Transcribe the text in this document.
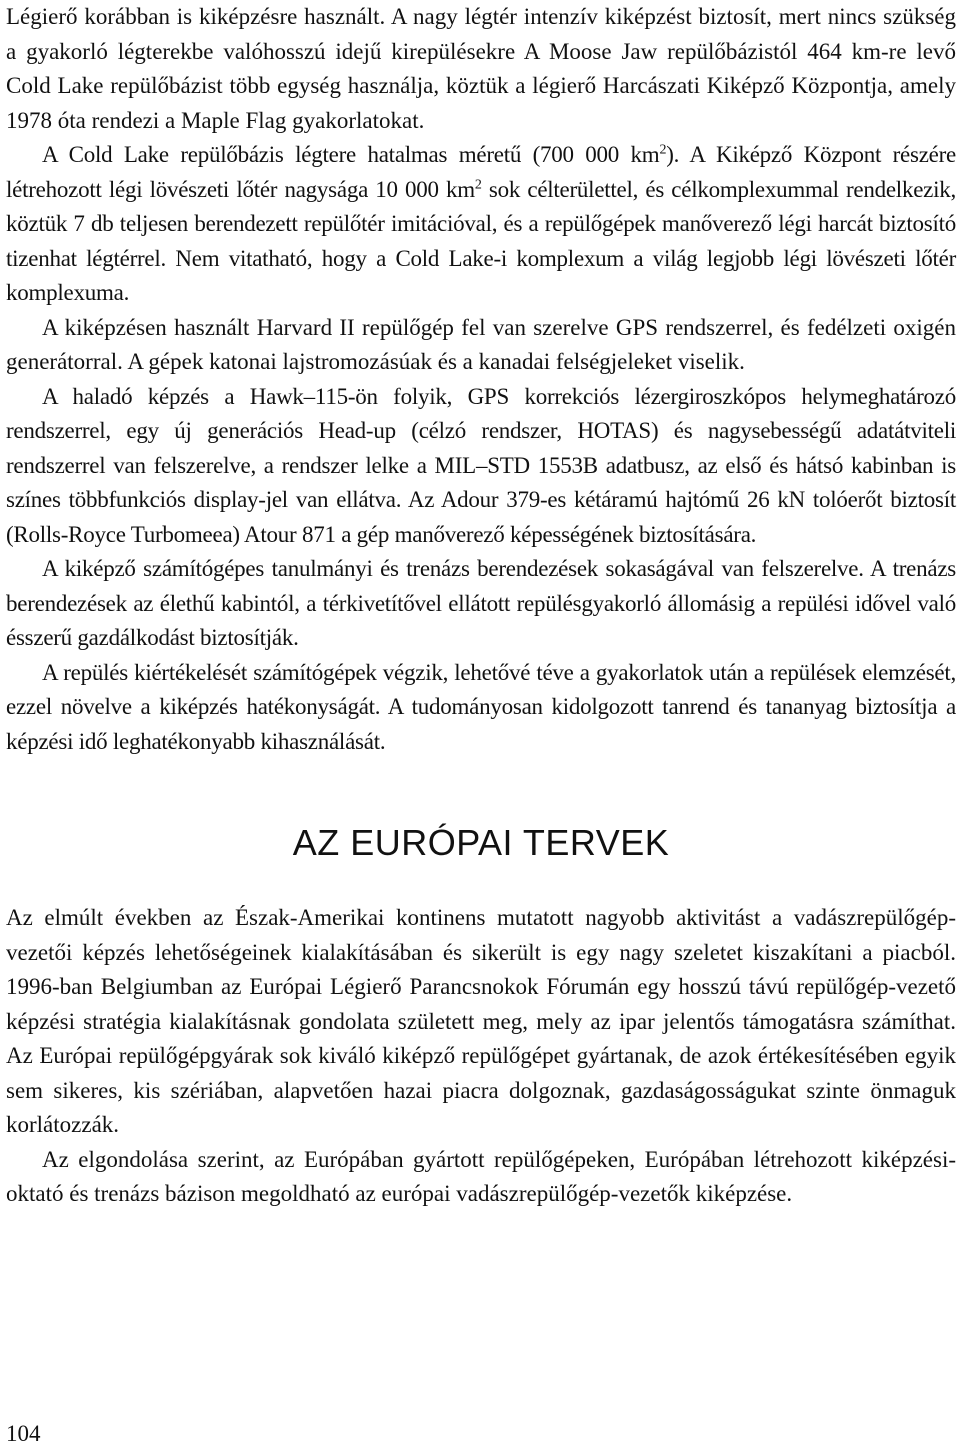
Légierő korábban is kiképzésre használt. A nagy légtér intenzív kiképzést biztosít, mert nincs szükség a gyakorló légterekbe valóhosszú idejű kirepülésekre A Moose Jaw repülőbázistól 464 km-re levő Cold Lake repülőbázist több egység használja, köztük a légierő Harcászati Kiképző Központja, amely 1978 óta rendezi a Maple Flag gyakorlatokat.

A Cold Lake repülőbázis légtere hatalmas méretű (700 000 $km^2$). A Kiképző Központ részére létrehozott légi lövészeti lőtér nagysága 10 000 $km^2$ sok célterülettel, és célkomplexummal rendelkezik, köztük 7 db teljesen berendezett repülőtér imitációval, és a repülőgépek manőverező légi harcát biztosító tizenhat légtérrel. Nem vitatható, hogy a Cold Lake-i komplexum a világ legjobb légi lövészeti lőtér komplexuma.

A kiképzésen használt Harvard II repülőgép fel van szerelve GPS rendszerrel, és fedélzeti oxigén generátorral. A gépek katonai lajstromozásúak és a kanadai felségjeleket viselik.

A haladó képzés a Hawk–115-ön folyik, GPS korrekciós lézergiroszkópos helymeghatározó rendszerrel, egy új generációs Head-up (célzó rendszer, HOTAS) és nagysebességű adatátviteli rendszerrel van felszerelve, a rendszer lelke a MIL–STD 1553B adatbusz, az első és hátsó kabinban is színes többfunkciós display-jel van ellátva. Az Adour 379-es kétáramú hajtómű 26 kN tolóerőt biztosít (Rolls-Royce Turbomeea) Atour 871 a gép manőverező képességének biztosítására.

A kiképző számítógépes tanulmányi és trenázs berendezések sokaságával van felszerelve. A trenázs berendezések az élethű kabintól, a térkivetítővel ellátott repülésgyakorló állomásig a repülési idővel való ésszerű gazdálkodást biztosítják.

A repülés kiértékelését számítógépek végzik, lehetővé téve a gyakorlatok után a repülések elemzését, ezzel növelve a kiképzés hatékonyságát. A tudományosan kidolgozott tanrend és tananyag biztosítja a képzési idő leghatékonyabb kihasználását.

AZ EURÓPAI TERVEK

Az elmúlt években az Észak-Amerikai kontinens mutatott nagyobb aktivitást a vadászrepülőgép-vezetői képzés lehetőségeinek kialakításában és sikerült is egy nagy szeletet kiszakítani a piacból. 1996-ban Belgiumban az Európai Légierő Parancsnokok Fórumán egy hosszú távú repülőgép-vezető képzési stratégia kialakításnak gondolata született meg, mely az ipar jelentős támogatásra számíthat. Az Európai repülőgépgyárak sok kiváló kiképző repülőgépet gyártanak, de azok értékesítésében egyik sem sikeres, kis szériában, alapvetően hazai piacra dolgoznak, gazdaságosságukat szinte önmaguk korlátozzák.

Az elgondolása szerint, az Európában gyártott repülőgépeken, Európában létrehozott kiképzési-oktató és trenázs bázison megoldható az európai vadászrepülőgép-vezetők kiképzése.

104
